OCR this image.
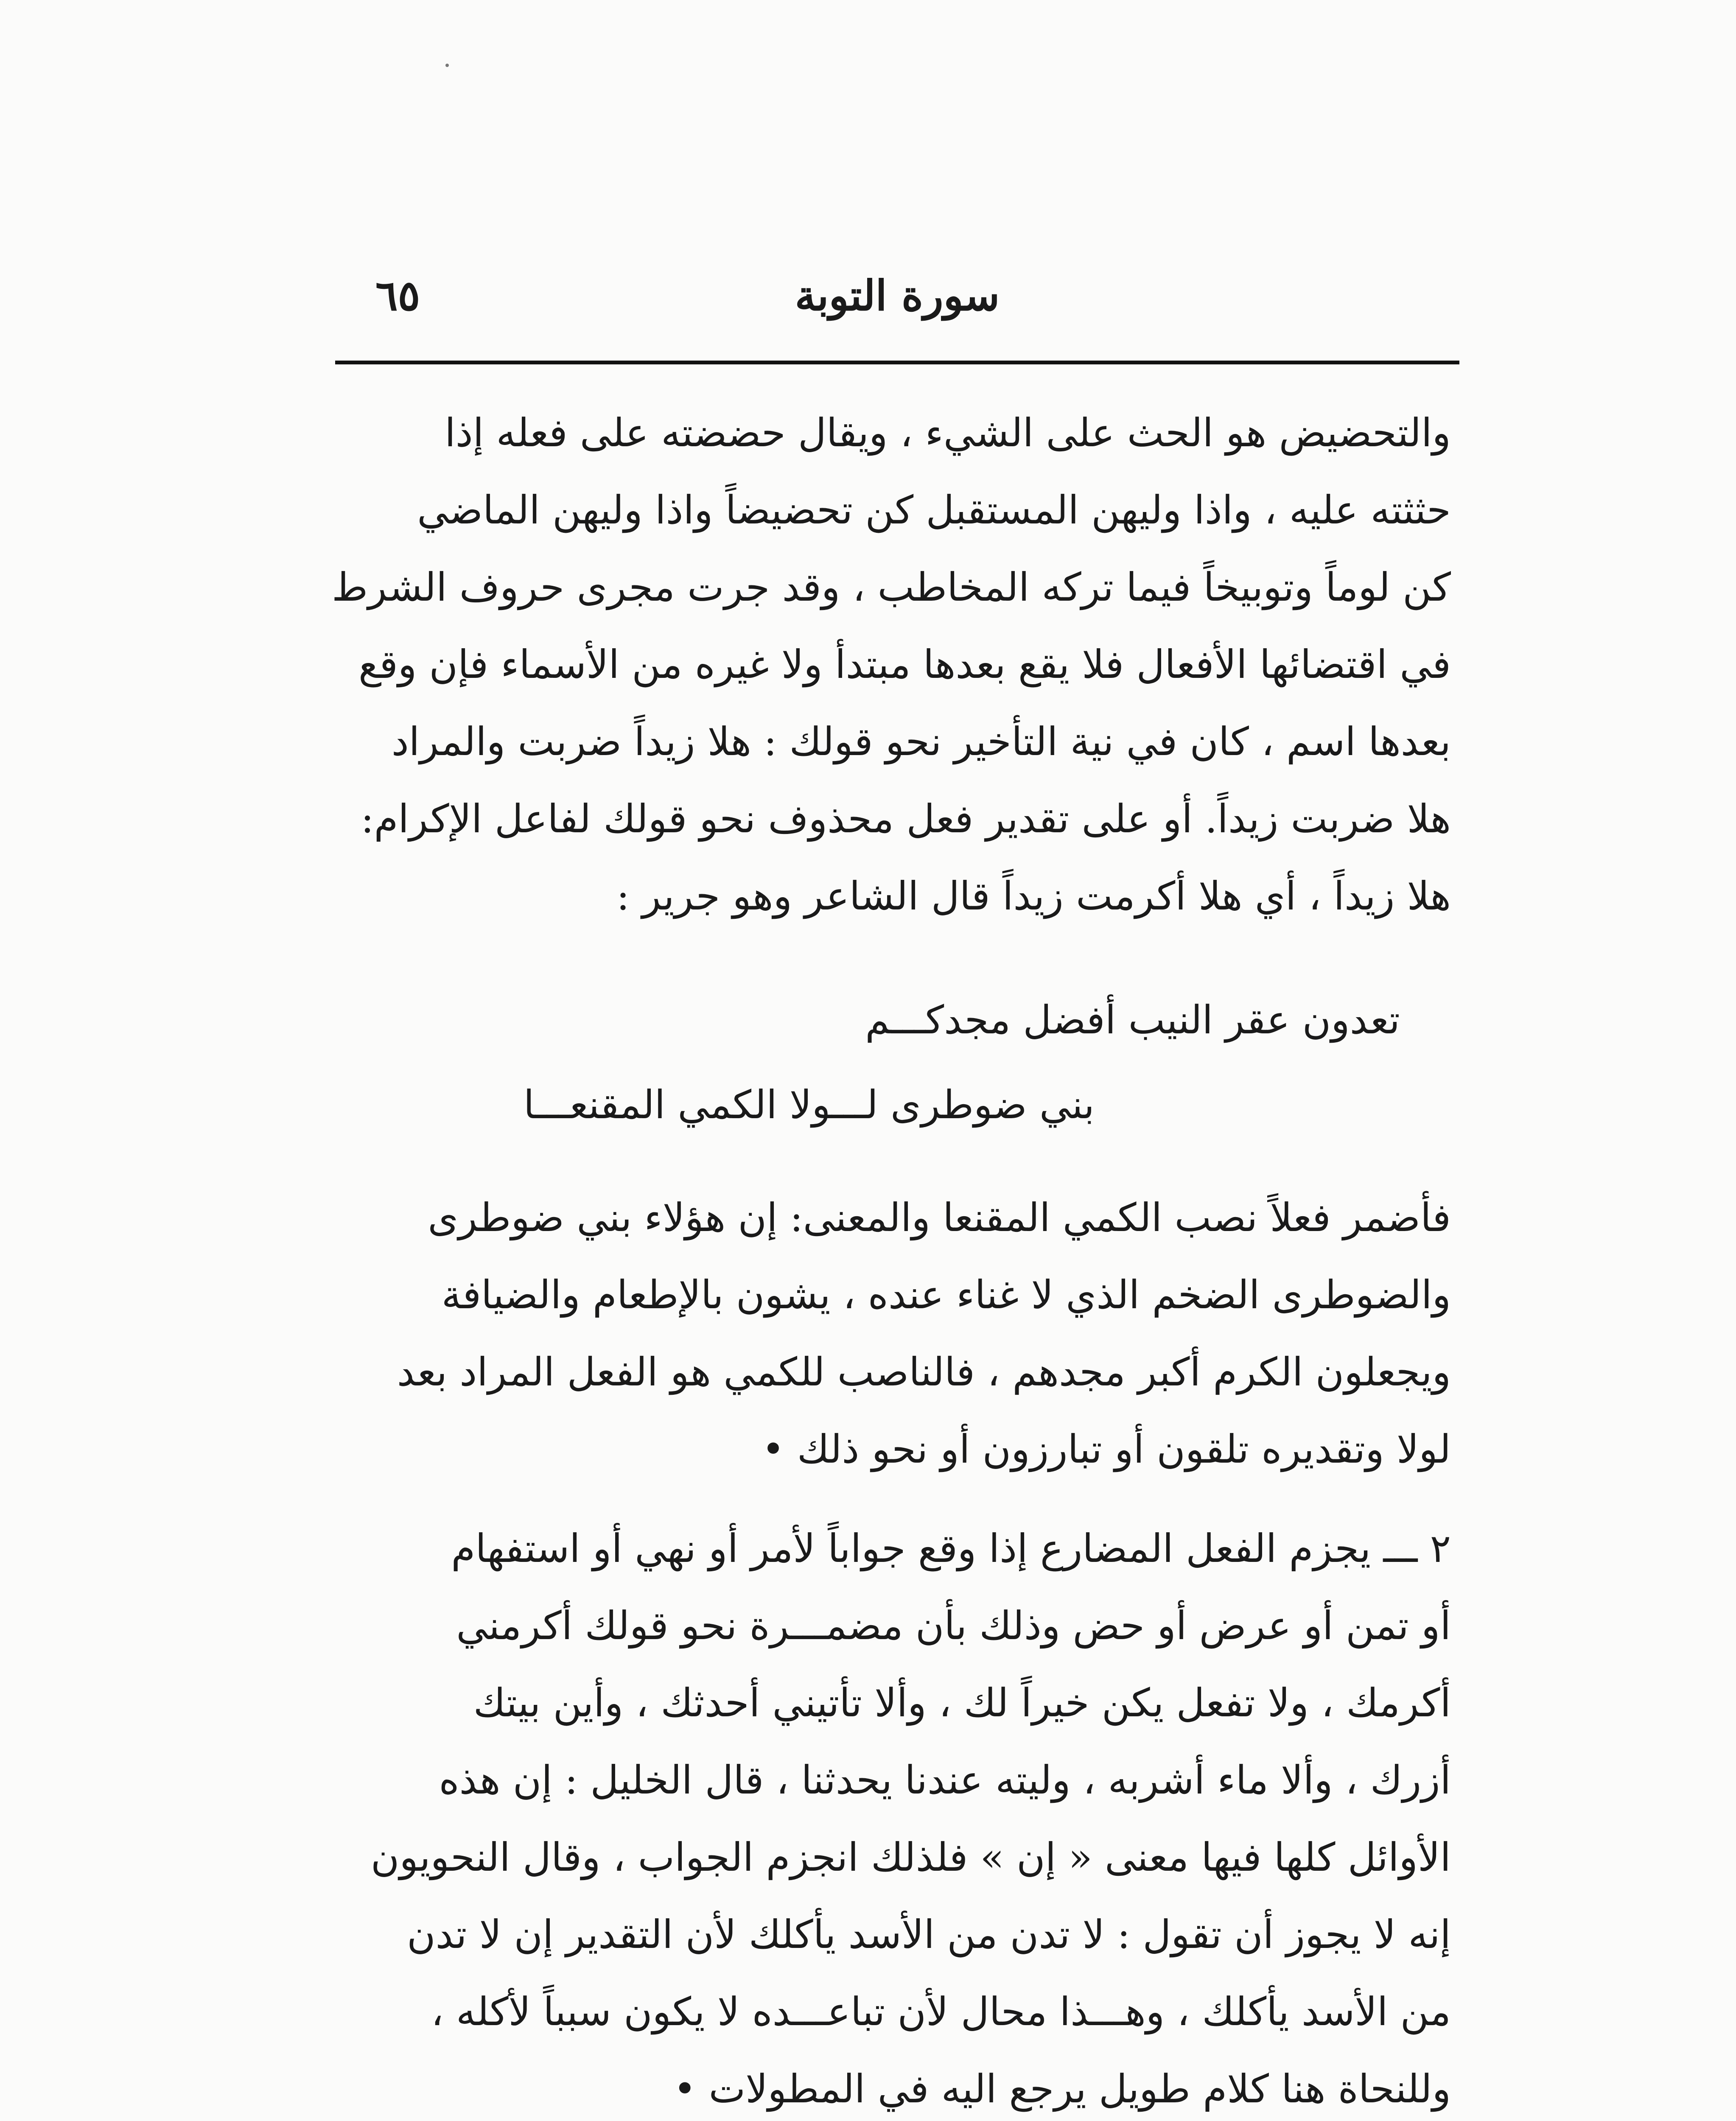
٦٥	سورة التوبة
والتحضيض هو الحث على الشيء ، ويقال حضضته على فعله إذا
حثثته عليه ، واذا وليهن المستقبل كن تحضيضاً واذا وليهن الماضي
كن لوماً وتوبيخاً فيما تركه المخاطب ، وقد جرت مجرى حروف الشرط
في اقتضائها الأفعال فلا يقع بعدها مبتدأ ولا غيره من الأسماء فإن وقع
بعدها اسم ، كان في نية التأخير نحو قولك : هلا زيداً ضربت والمراد
هلا ضربت زيداً. أو على تقدير فعل محذوف نحو قولك لفاعل الإكرام:
هلا زيداً ، أي هلا أكرمت زيداً قال الشاعر وهو جرير :
تعدون عقر النيب أفضل مجدكـــم
بني ضوطرى لـــولا الكمي المقنعـــا
فأضمر فعلاً نصب الكمي المقنعا والمعنى: إن هؤلاء بني ضوطرى
والضوطرى الضخم الذي لا غناء عنده ، يشون بالإطعام والضيافة
ويجعلون الكرم أكبر مجدهم ، فالناصب للكمي هو الفعل المراد بعد
لولا وتقديره تلقون أو تبارزون أو نحو ذلك •
٢ ـــ يجزم الفعل المضارع إذا وقع جواباً لأمر أو نهي أو استفهام
أو تمن أو عرض أو حض وذلك بأن مضمـــرة نحو قولك أكرمني
أكرمك ، ولا تفعل يكن خيراً لك ، وألا تأتيني أحدثك ، وأين بيتك
أزرك ، وألا ماء أشربه ، وليته عندنا يحدثنا ، قال الخليل : إن هذه
الأوائل كلها فيها معنى « إن » فلذلك انجزم الجواب ، وقال النحويون
إنه لا يجوز أن تقول : لا تدن من الأسد يأكلك لأن التقدير إن لا تدن
من الأسد يأكلك ، وهـــذا محال لأن تباعـــده لا يكون سبباً لأكله ،
وللنحاة هنا كلام طويل يرجع اليه في المطولات •
